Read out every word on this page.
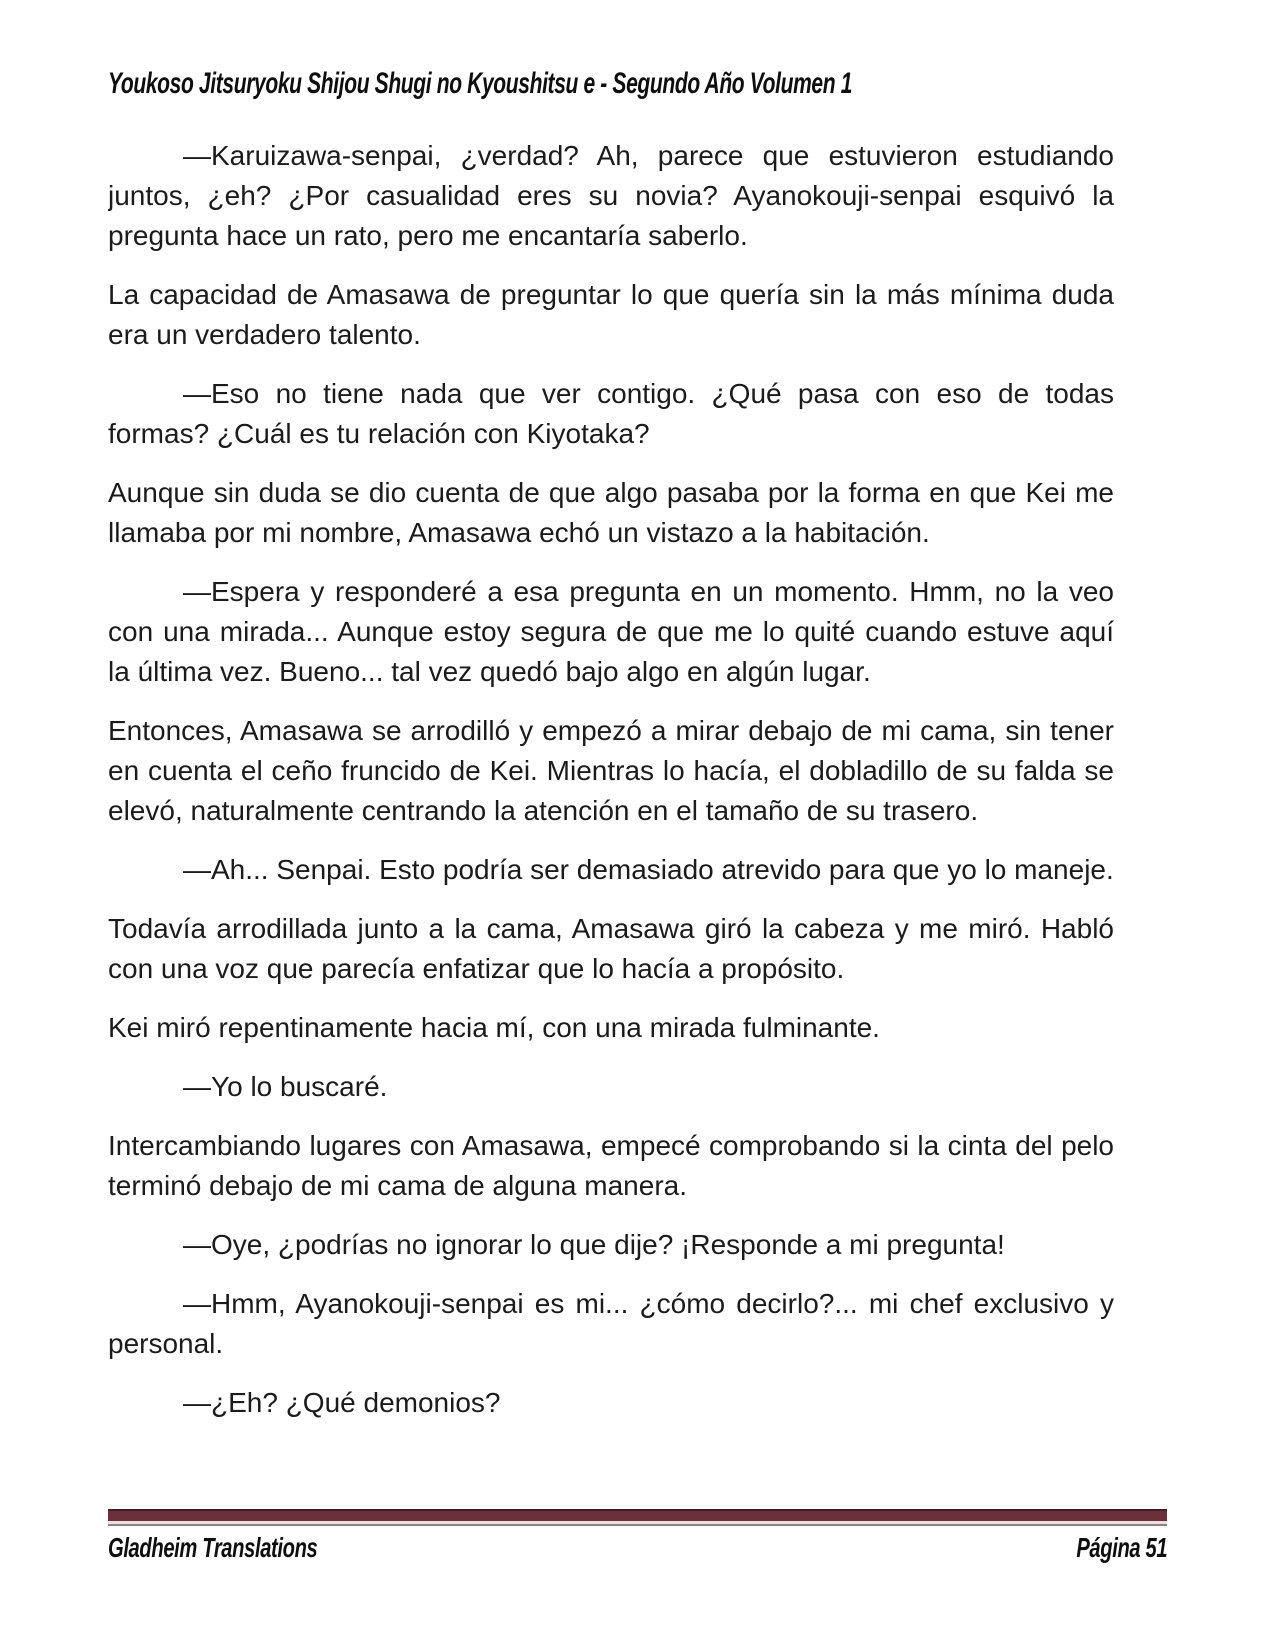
Youkoso Jitsuryoku Shijou Shugi no Kyoushitsu e - Segundo Año Volumen 1

—Karuizawa-senpai, ¿verdad? Ah, parece que estuvieron estudiando juntos, ¿eh? ¿Por casualidad eres su novia? Ayanokouji-senpai esquivó la pregunta hace un rato, pero me encantaría saberlo.

La capacidad de Amasawa de preguntar lo que quería sin la más mínima duda era un verdadero talento.

—Eso no tiene nada que ver contigo. ¿Qué pasa con eso de todas formas? ¿Cuál es tu relación con Kiyotaka?

Aunque sin duda se dio cuenta de que algo pasaba por la forma en que Kei me llamaba por mi nombre, Amasawa echó un vistazo a la habitación.

—Espera y responderé a esa pregunta en un momento. Hmm, no la veo con una mirada... Aunque estoy segura de que me lo quité cuando estuve aquí la última vez. Bueno... tal vez quedó bajo algo en algún lugar.

Entonces, Amasawa se arrodilló y empezó a mirar debajo de mi cama, sin tener en cuenta el ceño fruncido de Kei. Mientras lo hacía, el dobladillo de su falda se elevó, naturalmente centrando la atención en el tamaño de su trasero.

—Ah... Senpai. Esto podría ser demasiado atrevido para que yo lo maneje.

Todavía arrodillada junto a la cama, Amasawa giró la cabeza y me miró. Habló con una voz que parecía enfatizar que lo hacía a propósito.

Kei miró repentinamente hacia mí, con una mirada fulminante.

—Yo lo buscaré.

Intercambiando lugares con Amasawa, empecé comprobando si la cinta del pelo terminó debajo de mi cama de alguna manera.

—Oye, ¿podrías no ignorar lo que dije? ¡Responde a mi pregunta!

—Hmm, Ayanokouji-senpai es mi... ¿cómo decirlo?... mi chef exclusivo y personal.

—¿Eh? ¿Qué demonios?

Gladheim Translations	Página 51
